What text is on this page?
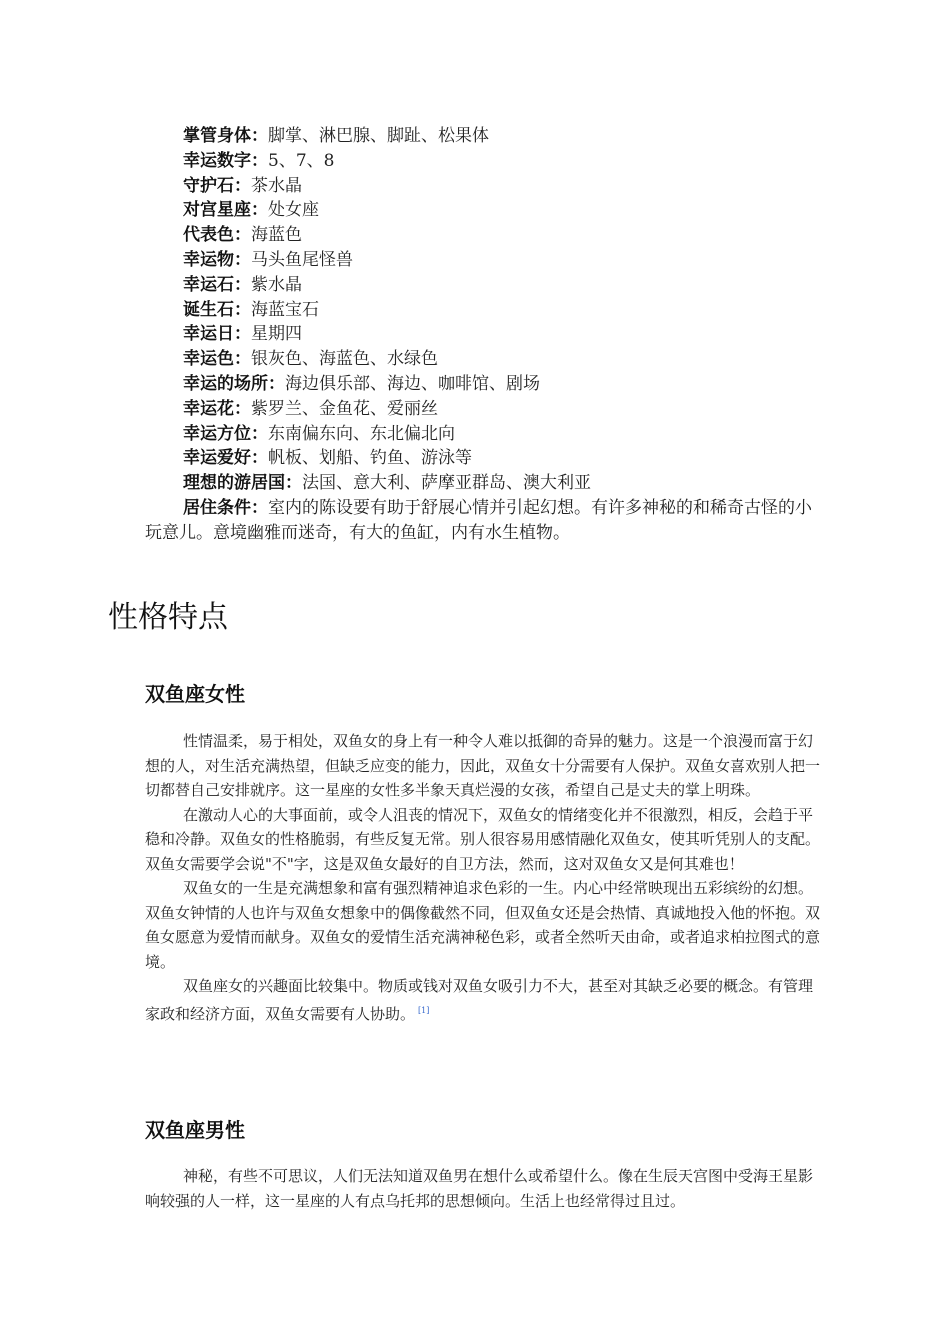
掌管身体：脚掌、淋巴腺、脚趾、松果体
幸运数字：5、7、8
守护石：茶水晶
对宫星座：处女座
代表色：海蓝色
幸运物：马头鱼尾怪兽
幸运石：紫水晶
诞生石：海蓝宝石
幸运日：星期四
幸运色：银灰色、海蓝色、水绿色
幸运的场所：海边俱乐部、海边、咖啡馆、剧场
幸运花：紫罗兰、金鱼花、爱丽丝
幸运方位：东南偏东向、东北偏北向
幸运爱好：帆板、划船、钓鱼、游泳等
理想的游居国：法国、意大利、萨摩亚群岛、澳大利亚
居住条件：室内的陈设要有助于舒展心情并引起幻想。有许多神秘的和稀奇古怪的小玩意儿。意境幽雅而迷奇，有大的鱼缸，内有水生植物。
性格特点
双鱼座女性

性情温柔，易于相处，双鱼女的身上有一种令人难以抵御的奇异的魅力。这是一个浪漫而富于幻想的人，对生活充满热望，但缺乏应变的能力，因此，双鱼女十分需要有人保护。双鱼女喜欢别人把一切都替自己安排就序。这一星座的女性多半象天真烂漫的女孩，希望自己是丈夫的掌上明珠。

在激动人心的大事面前，或令人沮丧的情况下，双鱼女的情绪变化并不很激烈，相反，会趋于平稳和冷静。双鱼女的性格脆弱，有些反复无常。别人很容易用感情融化双鱼女，使其听凭别人的支配。双鱼女需要学会说"不"字，这是双鱼女最好的自卫方法，然而，这对双鱼女又是何其难也！

双鱼女的一生是充满想象和富有强烈精神追求色彩的一生。内心中经常映现出五彩缤纷的幻想。双鱼女钟情的人也许与双鱼女想象中的偶像截然不同，但双鱼女还是会热情、真诚地投入他的怀抱。双鱼女愿意为爱情而献身。双鱼女的爱情生活充满神秘色彩，或者全然听天由命，或者追求柏拉图式的意境。

双鱼座女的兴趣面比较集中。物质或钱对双鱼女吸引力不大，甚至对其缺乏必要的概念。有管理家政和经济方面，双鱼女需要有人协助。 [1]

双鱼座男性

神秘，有些不可思议，人们无法知道双鱼男在想什么或希望什么。像在生辰天宫图中受海王星影响较强的人一样，这一星座的人有点乌托邦的思想倾向。生活上也经常得过且过。
